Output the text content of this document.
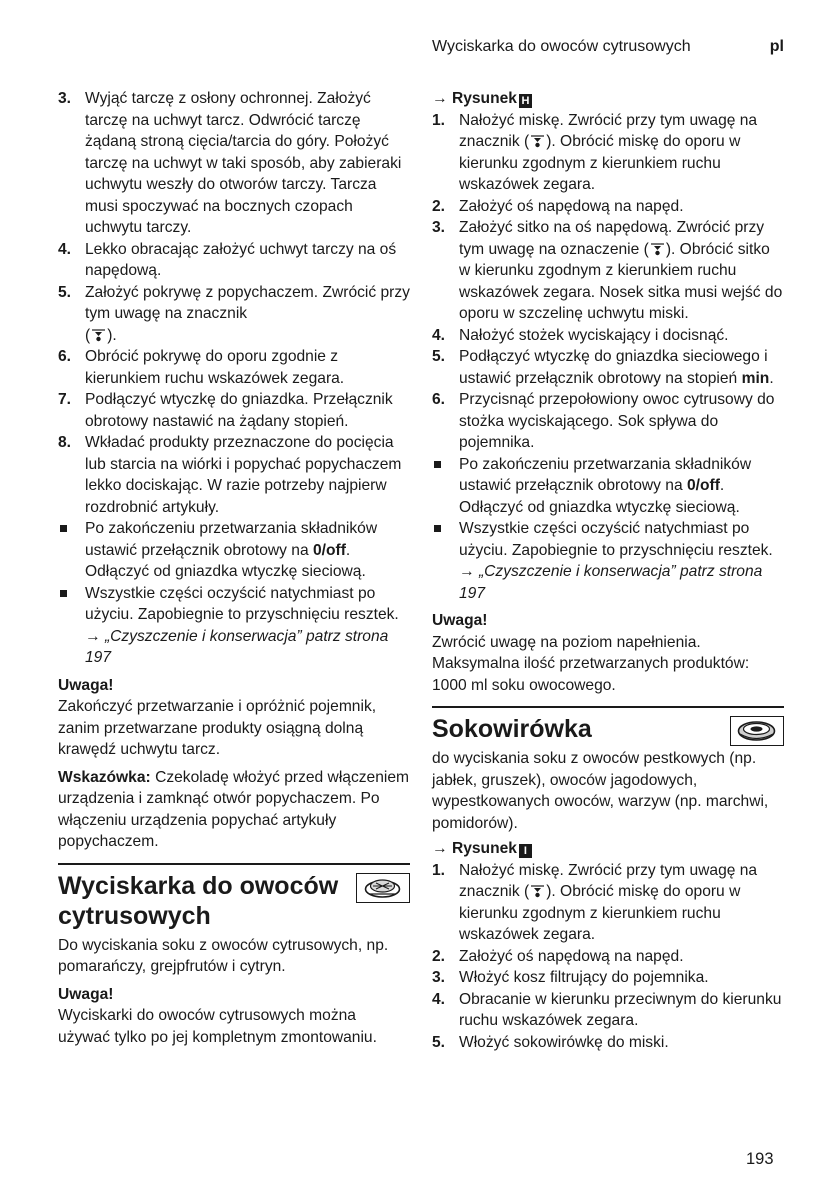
Wyciskarka do owoców cytrusowych	pl
3. Wyjąć tarczę z osłony ochronnej. Założyć tarczę na uchwyt tarcz. Odwrócić tarczę żądaną stroną cięcia/tarcia do góry. Położyć tarczę na uchwyt w taki sposób, aby zabieraki uchwytu weszły do otworów tarczy. Tarcza musi spoczywać na bocznych czopach uchwytu tarczy.
4. Lekko obracając założyć uchwyt tarczy na oś napędową.
5. Założyć pokrywę z popychaczem. Zwrócić przy tym uwagę na znacznik
( ).
6. Obrócić pokrywę do oporu zgodnie z kierunkiem ruchu wskazówek zegara.
7. Podłączyć wtyczkę do gniazdka. Przełącznik obrotowy nastawić na żądany stopień.
8. Wkładać produkty przeznaczone do pocięcia lub starcia na wiórki i popychać popychaczem lekko dociskając. W razie potrzeby najpierw rozdrobnić artykuły.
Po zakończeniu przetwarzania składników ustawić przełącznik obrotowy na 0/off. Odłączyć od gniazdka wtyczkę sieciową.
Wszystkie części oczyścić natychmiast po użyciu. Zapobiegnie to przyschnięciu resztek. → „Czyszczenie i konserwacja” patrz strona 197
Uwaga!

Zakończyć przetwarzanie i opróżnić pojemnik, zanim przetwarzane produkty osiągną dolną krawędź uchwytu tarcz.

Wskazówka: Czekoladę włożyć przed włączeniem urządzenia i zamknąć otwór popychaczem. Po włączeniu urządzenia popychać artykuły popychaczem.

Wyciskarka do owoców cytrusowych

Do wyciskania soku z owoców cytrusowych, np. pomarańczy, grejpfrutów i cytryn.

Uwaga!

Wyciskarki do owoców cytrusowych można używać tylko po jej kompletnym zmontowaniu.

→ Rysunek H
1. Nałożyć miskę. Zwrócić przy tym uwagę na znacznik ( ). Obrócić miskę do oporu w kierunku zgodnym z kierunkiem ruchu wskazówek zegara.
2. Założyć oś napędową na napęd.
3. Założyć sitko na oś napędową. Zwrócić przy tym uwagę na oznaczenie ( ). Obrócić sitko w kierunku zgodnym z kierunkiem ruchu wskazówek zegara. Nosek sitka musi wejść do oporu w szczelinę uchwytu miski.
4. Nałożyć stożek wyciskający i docisnąć.
5. Podłączyć wtyczkę do gniazdka sieciowego i ustawić przełącznik obrotowy na stopień min.
6. Przycisnąć przepołowiony owoc cytrusowy do stożka wyciskającego. Sok spływa do pojemnika.
Po zakończeniu przetwarzania składników ustawić przełącznik obrotowy na 0/off. Odłączyć od gniazdka wtyczkę sieciową.
Wszystkie części oczyścić natychmiast po użyciu. Zapobiegnie to przyschnięciu resztek. → „Czyszczenie i konserwacja” patrz strona 197
Uwaga!

Zwrócić uwagę na poziom napełnienia. Maksymalna ilość przetwarzanych produktów: 1000 ml soku owocowego.

Sokowirówka

do wyciskania soku z owoców pestkowych (np. jabłek, gruszek), owoców jagodowych, wypestkowanych owoców, warzyw (np. marchwi, pomidorów).

→ Rysunek I
1. Nałożyć miskę. Zwrócić przy tym uwagę na znacznik ( ). Obrócić miskę do oporu w kierunku zgodnym z kierunkiem ruchu wskazówek zegara.
2. Założyć oś napędową na napęd.
3. Włożyć kosz filtrujący do pojemnika.
4. Obracanie w kierunku przeciwnym do kierunku ruchu wskazówek zegara.
5. Włożyć sokowirówkę do miski.
193
